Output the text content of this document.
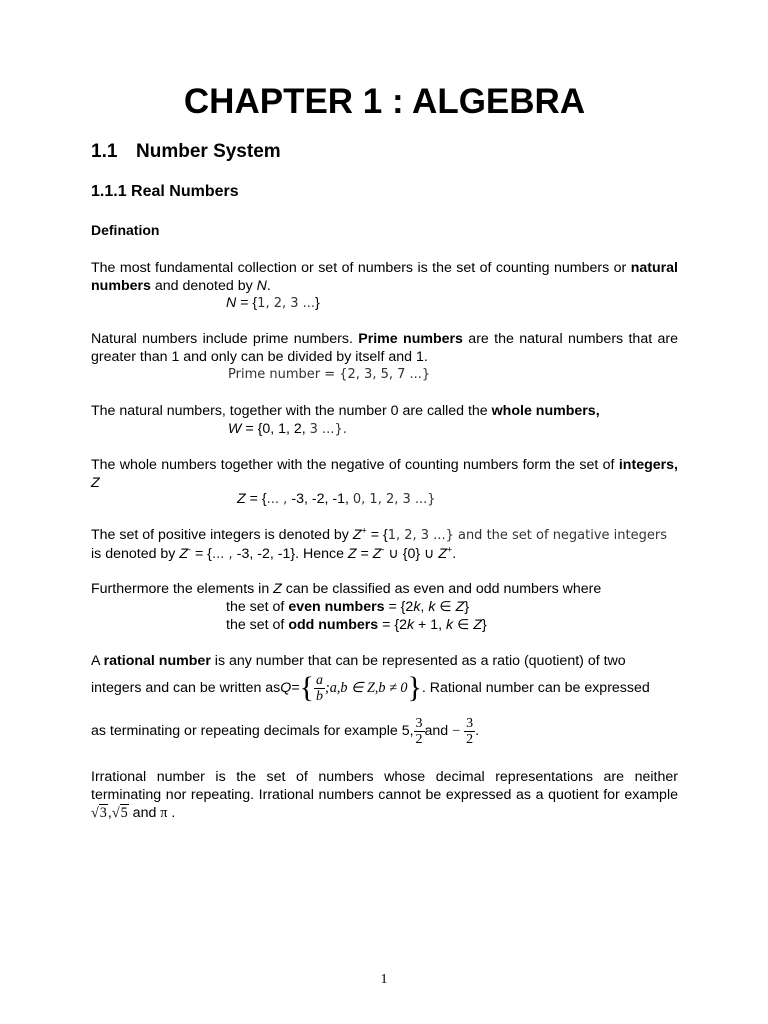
CHAPTER 1 : ALGEBRA
1.1 Number System
1.1.1 Real Numbers
Defination

The most fundamental collection or set of numbers is the set of counting numbers or natural numbers and denoted by N.

N = {1, 2, 3 ...}

Natural numbers include prime numbers. Prime numbers are the natural numbers that are greater than 1 and only can be divided by itself and 1.

Prime number = {2, 3, 5, 7 ...}

The natural numbers, together with the number 0 are called the whole numbers,

W = {0, 1, 2, 3 ...}.

The whole numbers together with the negative of counting numbers form the set of integers, Z

Z = {... , -3, -2, -1, 0, 1, 2, 3 ...}

The set of positive integers is denoted by Z+ = {1, 2, 3 ...} and the set of negative integers
is denoted by Z- = {... , -3, -2, -1}. Hence Z = Z- ∪ {0} ∪ Z+.

Furthermore the elements in Z can be classified as even and odd numbers where

the set of even numbers = {2k, k ∈ Z}

the set of odd numbers = {2k + 1, k ∈ Z}

A rational number is any number that can be represented as a ratio (quotient) of two

integers and can be written as Q = { $\frac{a}{b}$ ;a,b ∈ Z,b ≠ 0 } . Rational number can be expressed
as terminating or repeating decimals for example 5, $\frac{3}{2}$ and
−
$\frac{3}{2}$ .

Irrational number is the set of numbers whose decimal representations are neither terminating nor repeating. Irrational numbers cannot be expressed as a quotient for example √3,√5 and π .

1
